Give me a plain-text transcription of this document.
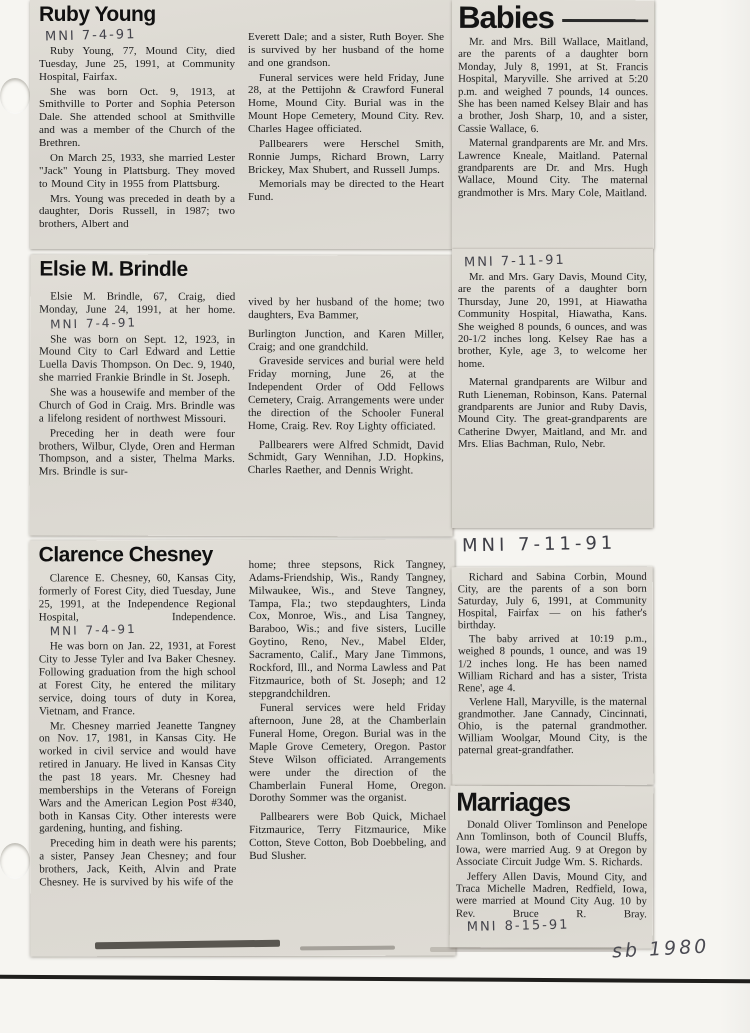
Ruby Young
MNI 7-4-91

Ruby Young, 77, Mound City, died Tuesday, June 25, 1991, at Community Hospital, Fairfax.

She was born Oct. 9, 1913, at Smithville to Porter and Sophia Peterson Dale. She attended school at Smithville and was a member of the Church of the Brethren.

On March 25, 1933, she married Lester "Jack" Young in Plattsburg. They moved to Mound City in 1955 from Plattsburg.

Mrs. Young was preceded in death by a daughter, Doris Russell, in 1987; two brothers, Albert and

Everett Dale; and a sister, Ruth Boyer. She is survived by her husband of the home and one grandson.

Funeral services were held Friday, June 28, at the Pettijohn & Crawford Funeral Home, Mound City. Burial was in the Mount Hope Cemetery, Mound City. Rev. Charles Hagee officiated.

Pallbearers were Herschel Smith, Ronnie Jumps, Richard Brown, Larry Brickey, Max Shubert, and Russell Jumps.

Memorials may be directed to the Heart Fund.

Elsie M. Brindle

Elsie M. Brindle, 67, Craig, died Monday, June 24, 1991, at her home. MNI 7-4-91

She was born on Sept. 12, 1923, in Mound City to Carl Edward and Lettie Luella Davis Thompson. On Dec. 9, 1940, she married Frankie Brindle in St. Joseph.

She was a housewife and member of the Church of God in Craig. Mrs. Brindle was a lifelong resident of northwest Missouri.

Preceding her in death were four brothers, Wilbur, Clyde, Oren and Herman Thompson, and a sister, Thelma Marks. Mrs. Brindle is sur-

vived by her husband of the home; two daughters, Eva Bammer,

Burlington Junction, and Karen Miller, Craig; and one grandchild.

Graveside services and burial were held Friday morning, June 26, at the Independent Order of Odd Fellows Cemetery, Craig. Arrangements were under the direction of the Schooler Funeral Home, Craig. Rev. Roy Lighty officiated.

Pallbearers were Alfred Schmidt, David Schmidt, Gary Wennihan, J.D. Hopkins, Charles Raether, and Dennis Wright.

Clarence Chesney

Clarence E. Chesney, 60, Kansas City, formerly of Forest City, died Tuesday, June 25, 1991, at the Independence Regional Hospital, Independence. MNI 7-4-91

He was born on Jan. 22, 1931, at Forest City to Jesse Tyler and Iva Baker Chesney. Following graduation from the high school at Forest City, he entered the military service, doing tours of duty in Korea, Vietnam, and France.

Mr. Chesney married Jeanette Tangney on Nov. 17, 1981, in Kansas City. He worked in civil service and would have retired in January. He lived in Kansas City the past 18 years. Mr. Chesney had memberships in the Veterans of Foreign Wars and the American Legion Post #340, both in Kansas City. Other interests were gardening, hunting, and fishing.

Preceding him in death were his parents; a sister, Pansey Jean Chesney; and four brothers, Jack, Keith, Alvin and Prate Chesney. He is survived by his wife of the

home; three stepsons, Rick Tangney, Adams-Friendship, Wis., Randy Tangney, Milwaukee, Wis., and Steve Tangney, Tampa, Fla.; two stepdaughters, Linda Cox, Monroe, Wis., and Lisa Tangney, Baraboo, Wis.; and five sisters, Lucille Goytino, Reno, Nev., Mabel Elder, Sacramento, Calif., Mary Jane Timmons, Rockford, Ill., and Norma Lawless and Pat Fitzmaurice, both of St. Joseph; and 12 stepgrandchildren.

Funeral services were held Friday afternoon, June 28, at the Chamberlain Funeral Home, Oregon. Burial was in the Maple Grove Cemetery, Oregon. Pastor Steve Wilson officiated. Arrangements were under the direction of the Chamberlain Funeral Home, Oregon. Dorothy Sommer was the organist.

Pallbearers were Bob Quick, Michael Fitzmaurice, Terry Fitzmaurice, Mike Cotton, Steve Cotton, Bob Doebbeling, and Bud Slusher.

Babies

Mr. and Mrs. Bill Wallace, Maitland, are the parents of a daughter born Monday, July 8, 1991, at St. Francis Hospital, Maryville. She arrived at 5:20 p.m. and weighed 7 pounds, 14 ounces. She has been named Kelsey Blair and has a brother, Josh Sharp, 10, and a sister, Cassie Wallace, 6.

Maternal grandparents are Mr. and Mrs. Lawrence Kneale, Maitland. Paternal grandparents are Dr. and Mrs. Hugh Wallace, Mound City. The maternal grandmother is Mrs. Mary Cole, Maitland.

MNI 7-11-91

Mr. and Mrs. Gary Davis, Mound City, are the parents of a daughter born Thursday, June 20, 1991, at Hiawatha Community Hospital, Hiawatha, Kans. She weighed 8 pounds, 6 ounces, and was 20-1/2 inches long. Kelsey Rae has a brother, Kyle, age 3, to welcome her home.

Maternal grandparents are Wilbur and Ruth Lieneman, Robinson, Kans. Paternal grandparents are Junior and Ruby Davis, Mound City. The great-grandparents are Catherine Dwyer, Maitland, and Mr. and Mrs. Elias Bachman, Rulo, Nebr.

MNI 7-11-91

Richard and Sabina Corbin, Mound City, are the parents of a son born Saturday, July 6, 1991, at Community Hospital, Fairfax — on his father's birthday.

The baby arrived at 10:19 p.m., weighed 8 pounds, 1 ounce, and was 19 1/2 inches long. He has been named William Richard and has a sister, Trista Rene', age 4.

Verlene Hall, Maryville, is the maternal grandmother. Jane Cannady, Cincinnati, Ohio, is the paternal grandmother. William Woolgar, Mound City, is the paternal great-grandfather.

Marriages

Donald Oliver Tomlinson and Penelope Ann Tomlinson, both of Council Bluffs, Iowa, were married Aug. 9 at Oregon by Associate Circuit Judge Wm. S. Richards.

Jeffery Allen Davis, Mound City, and Traca Michelle Madren, Redfield, Iowa, were married at Mound City Aug. 10 by Rev. Bruce R. Bray. MNI 8-15-91

sb 1980
